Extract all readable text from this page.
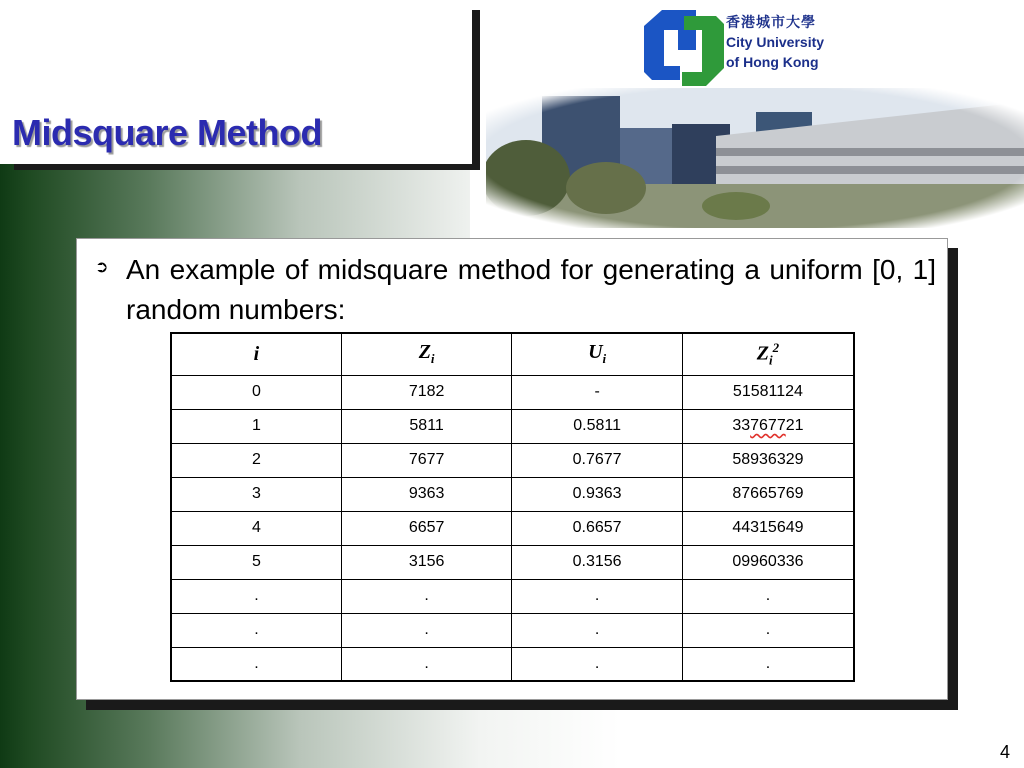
Midsquare Method
香港城市大學
City University
of Hong Kong
➲ An example of midsquare method for generating a uniform [0, 1] random numbers:
i	$Z_i$	$U_i$	$Z_i^2$
0	7182	-	51581124
1	5811	0.5811	33767721
2	7677	0.7677	58936329
3	9363	0.9363	87665769
4	6657	0.6657	44315649
5	3156	0.3156	09960336
.	.	.	.
.	.	.	.
.	.	.	.
4
